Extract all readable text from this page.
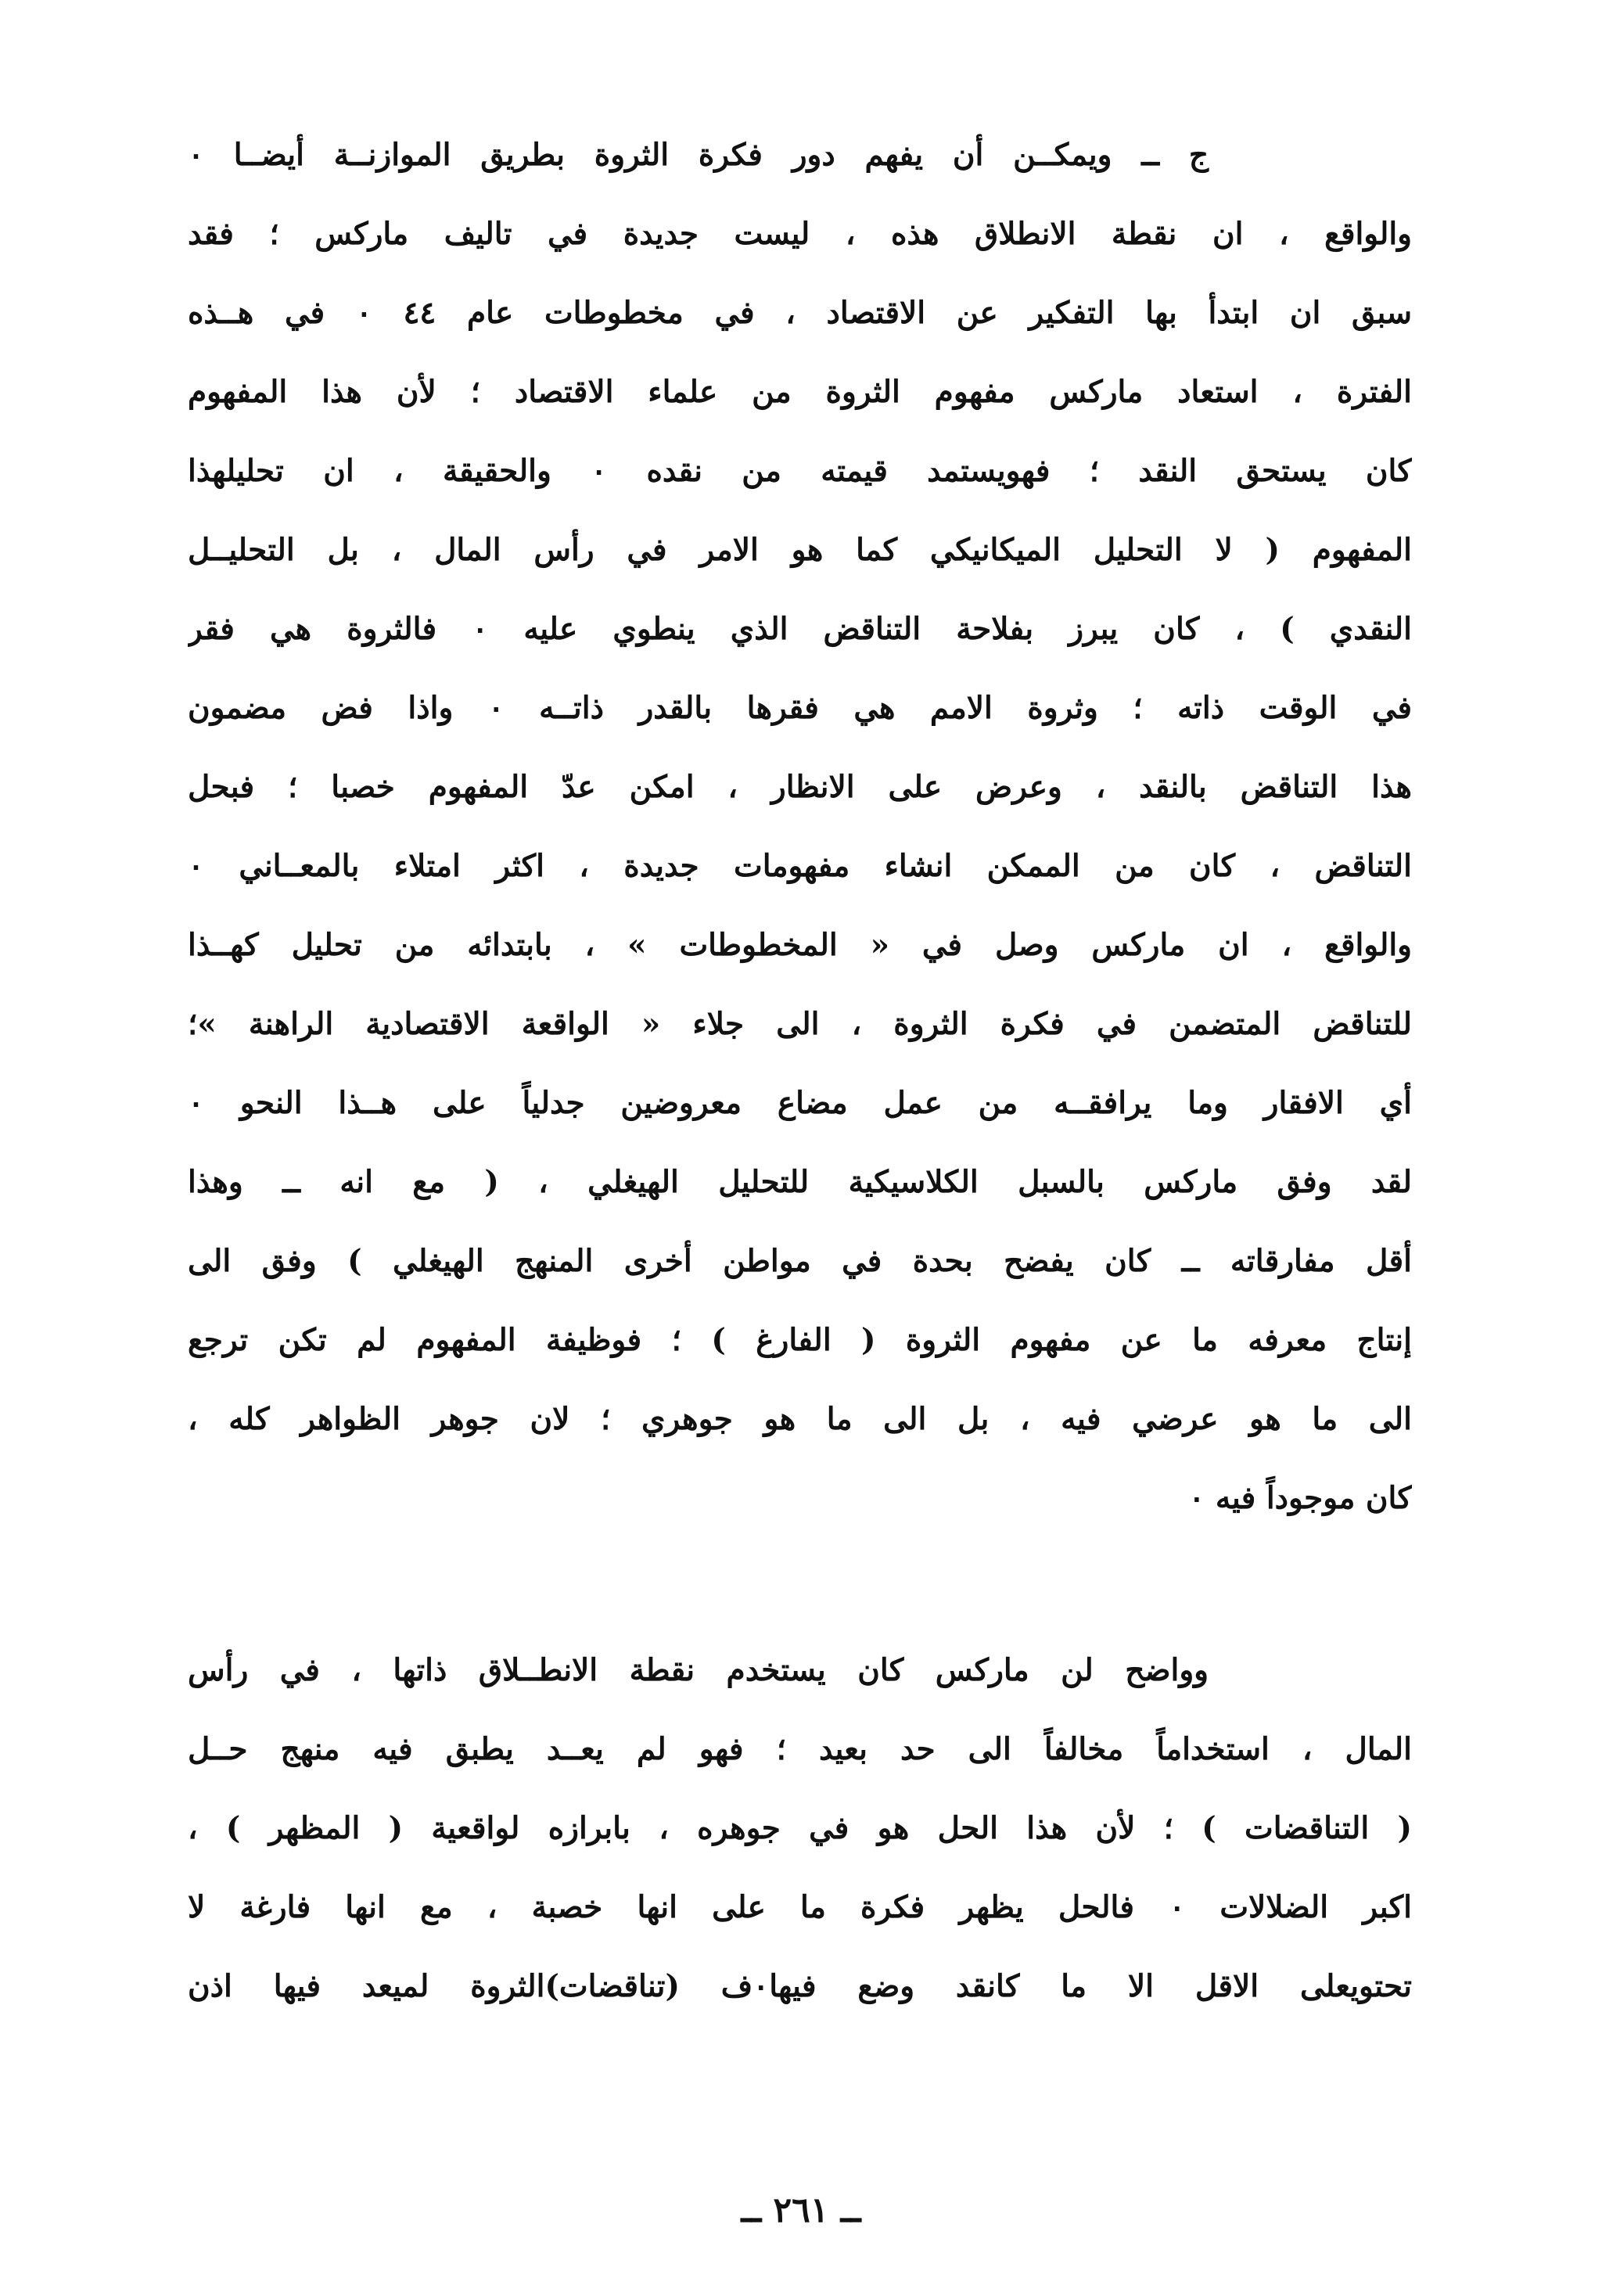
ج ــ ويمكــن أن يفهم دور فكرة الثروة بطريق الموازنــة أيضــا ٠
والواقع ، ان نقطة الانطلاق هذه ، ليست جديدة في تاليف ماركس ؛ فقد
سبق ان ابتدأ بها التفكير عن الاقتصاد ، في مخطوطات عام ٤٤ ٠ في هــذه
الفترة ، استعاد ماركس مفهوم الثروة من علماء الاقتصاد ؛ لأن هذا المفهوم
كان يستحق النقد ؛ فهويستمد قيمته من نقده ٠ والحقيقة ، ان تحليلهذا
المفهوم ( لا التحليل الميكانيكي كما هو الامر في رأس المال ، بل التحليــل
النقدي ) ، كان يبرز بفلاحة التناقض الذي ينطوي عليه ٠ فالثروة هي فقر
في الوقت ذاته ؛ وثروة الامم هي فقرها بالقدر ذاتــه ٠ واذا فض مضمون
هذا التناقض بالنقد ، وعرض على الانظار ، امكن عدّ المفهوم خصبا ؛ فبحل
التناقض ، كان من الممكن انشاء مفهومات جديدة ، اكثر امتلاء بالمعــاني ٠
والواقع ، ان ماركس وصل في « المخطوطات » ، بابتدائه من تحليل كهــذا
للتناقض المتضمن في فكرة الثروة ، الى جلاء « الواقعة الاقتصادية الراهنة »؛
أي الافقار وما يرافقــه من عمل مضاع معروضين جدلياً على هــذا النحو ٠
لقد وفق ماركس بالسبل الكلاسيكية للتحليل الهيغلي ، ( مع انه ــ وهذا
أقل مفارقاته ــ كان يفضح بحدة في مواطن أخرى المنهج الهيغلي ) وفق الى
إنتاج معرفه ما عن مفهوم الثروة ( الفارغ ) ؛ فوظيفة المفهوم لم تكن ترجع
الى ما هو عرضي فيه ، بل الى ما هو جوهري ؛ لان جوهر الظواهر كله ،
كان موجوداً فيه ٠
وواضح لن ماركس كان يستخدم نقطة الانطــلاق ذاتها ، في رأس
المال ، استخداماً مخالفاً الى حد بعيد ؛ فهو لم يعــد يطبق فيه منهج حــل
( التناقضات ) ؛ لأن هذا الحل هو في جوهره ، بابرازه لواقعية ( المظهر ) ،
اكبر الضلالات ٠ فالحل يظهر فكرة ما على انها خصبة ، مع انها فارغة لا
تحتويعلى الاقل الا ما كانقد وضع فيها٠ف (تناقضات)الثروة لميعد فيها اذن
ــ ٢٦١ ــ
